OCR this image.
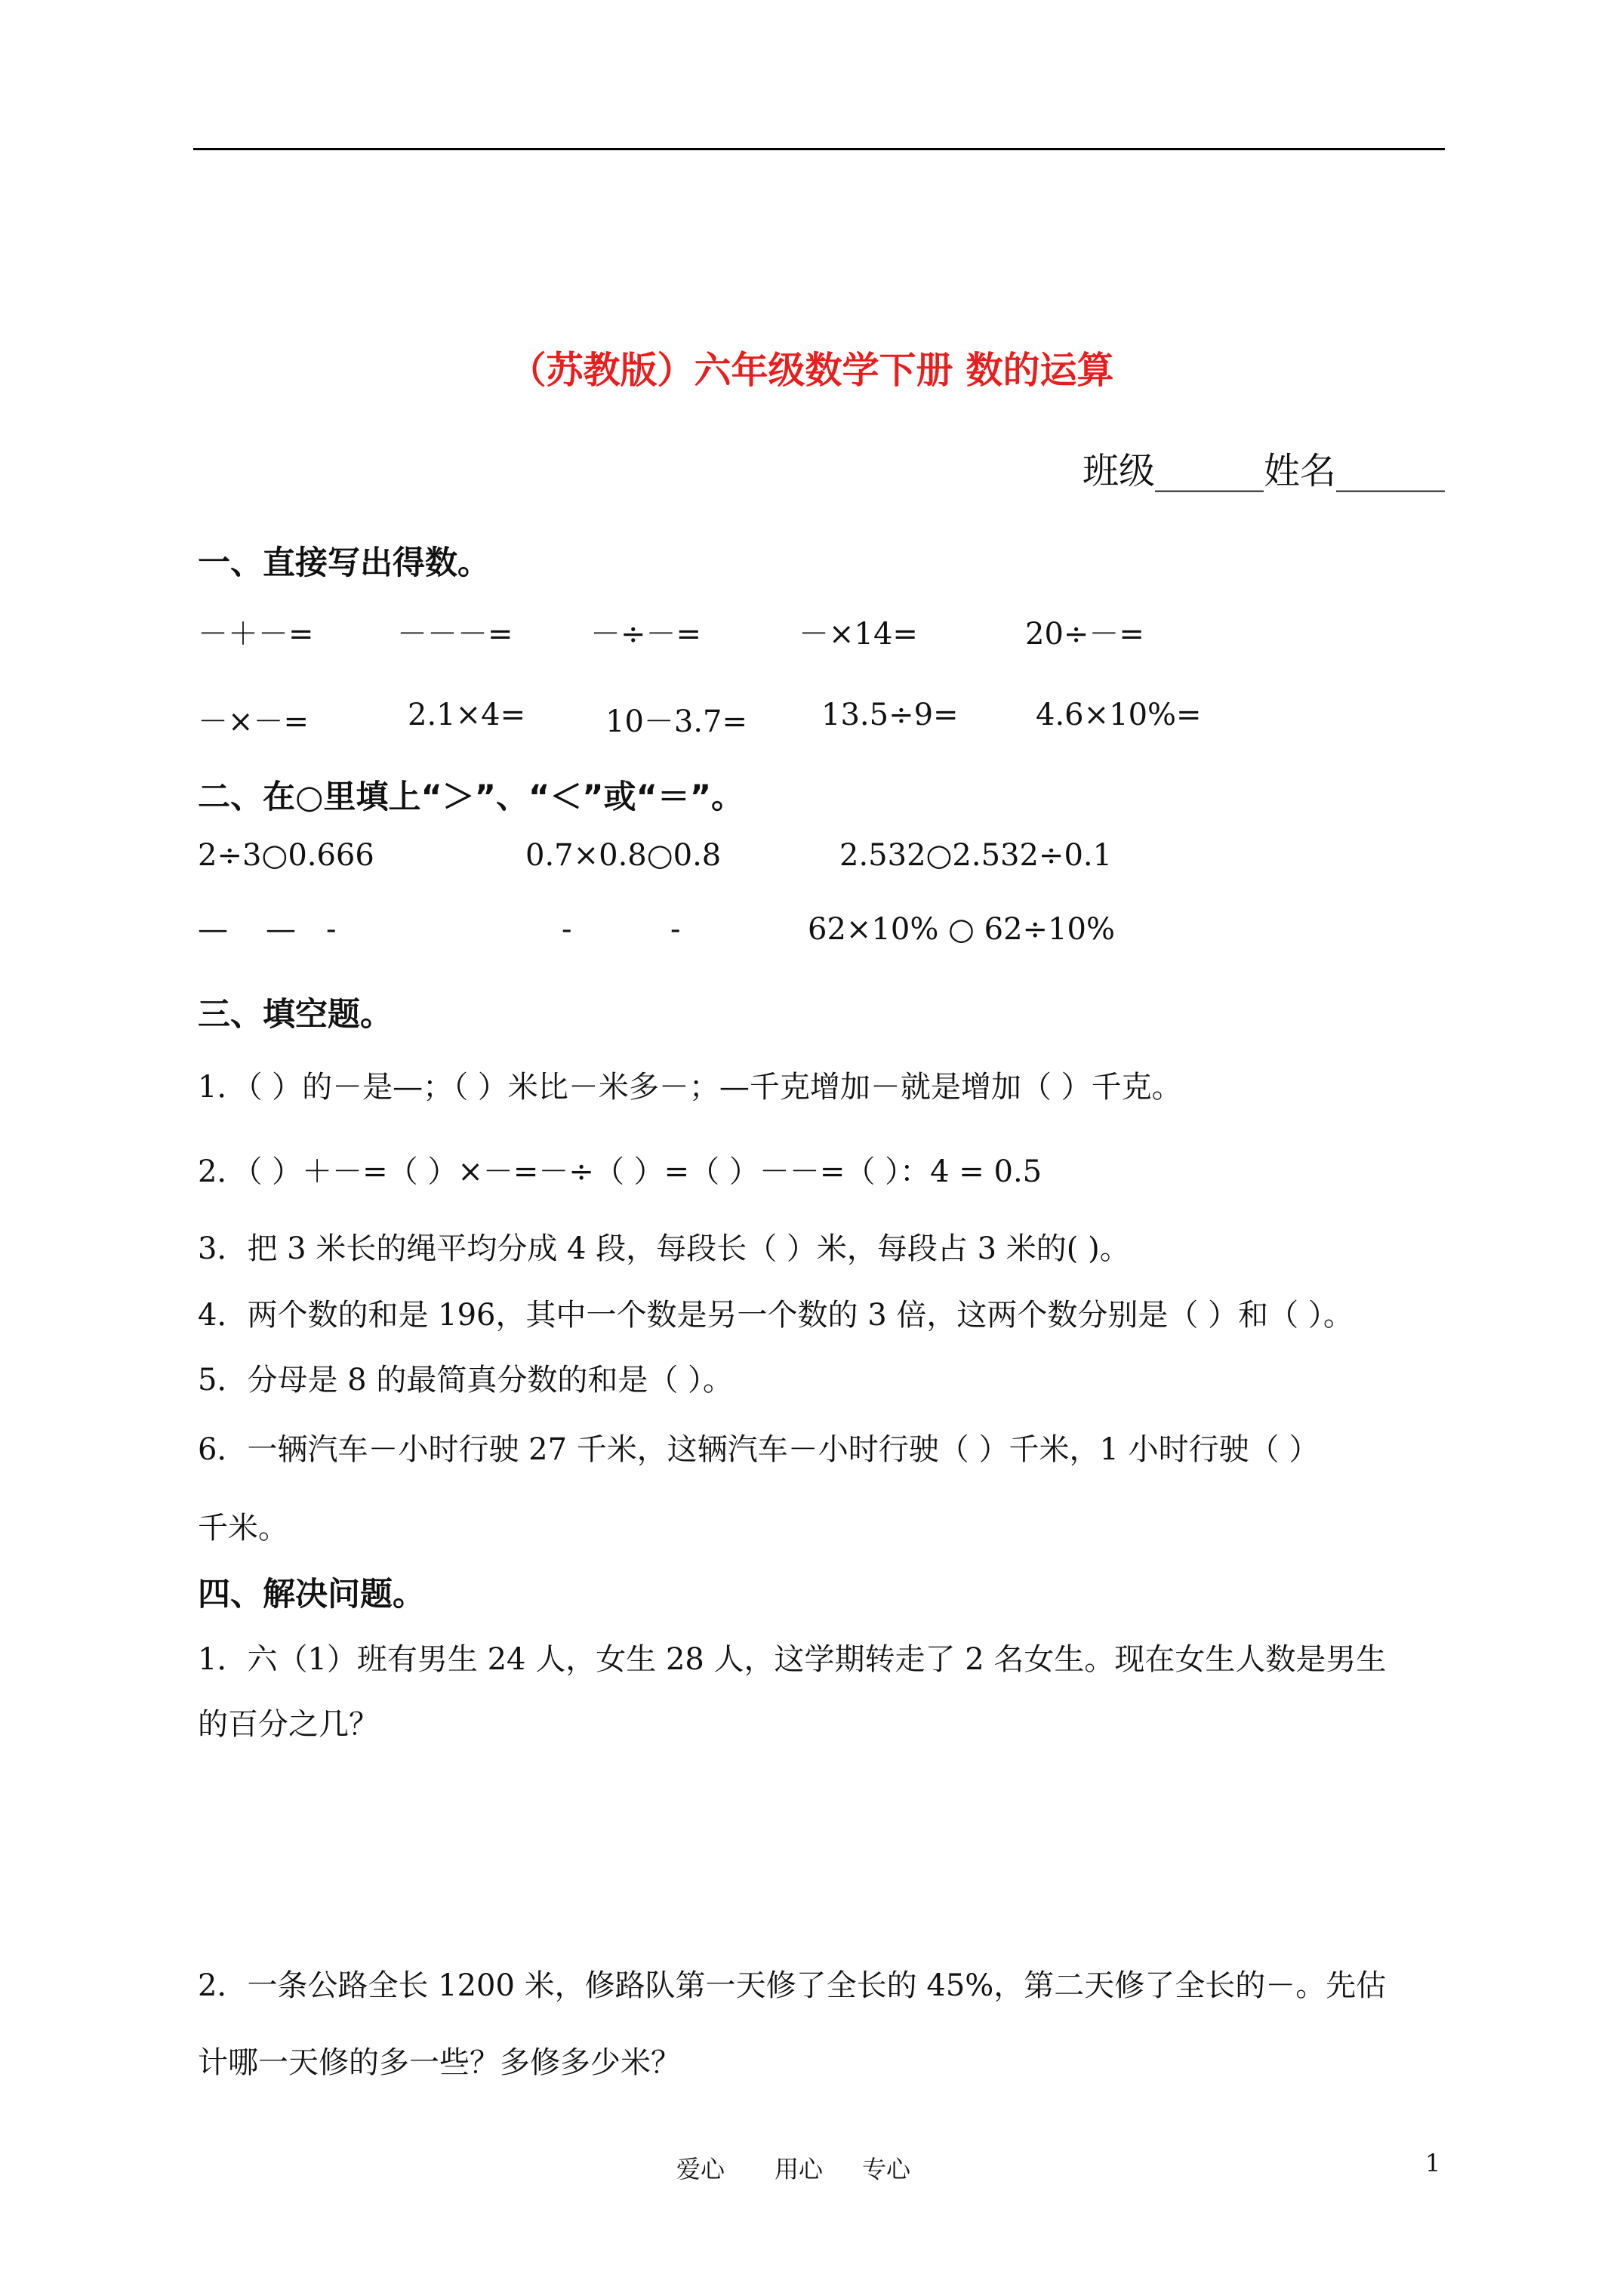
（苏教版）六年级数学下册 数的运算
班级______姓名______
一、直接写出得数。
－＋－=	－－－=	－÷－=	－×14=	20÷－=
－×－=	2.1×4=	10－3.7= 13.5÷9=	4.6×10%=
二、在○里填上“＞”、“＜”或“＝”。
2÷3○0.666	0.7×0.8○0.8	2.532○2.532÷0.1
— — -	-	-	62×10% ○ 62÷10%
三、填空题。
1．（ ）的－是—；（ ）米比－米多－；—千克增加－就是增加（ ）千克。
2．（ ）＋－=（ ）×－=－÷（ ）=（ ）－－=（ ）：4 = 0.5
3．把 3 米长的绳平均分成 4 段，每段长（ ）米，每段占 3 米的( )。
4．两个数的和是 196，其中一个数是另一个数的 3 倍，这两个数分别是（ ）和（ ）。
5．分母是 8 的最简真分数的和是（ ）。
6．一辆汽车－小时行驶 27 千米，这辆汽车－小时行驶（ ）千米，1 小时行驶（ ）
千米。
四、解决问题。
1．六（1）班有男生 24 人，女生 28 人，这学期转走了 2 名女生。现在女生人数是男生
的百分之几？
2．一条公路全长 1200 米，修路队第一天修了全长的 45%，第二天修了全长的－。先估
计哪一天修的多一些？多修多少米？
爱心 用心 专心	1
